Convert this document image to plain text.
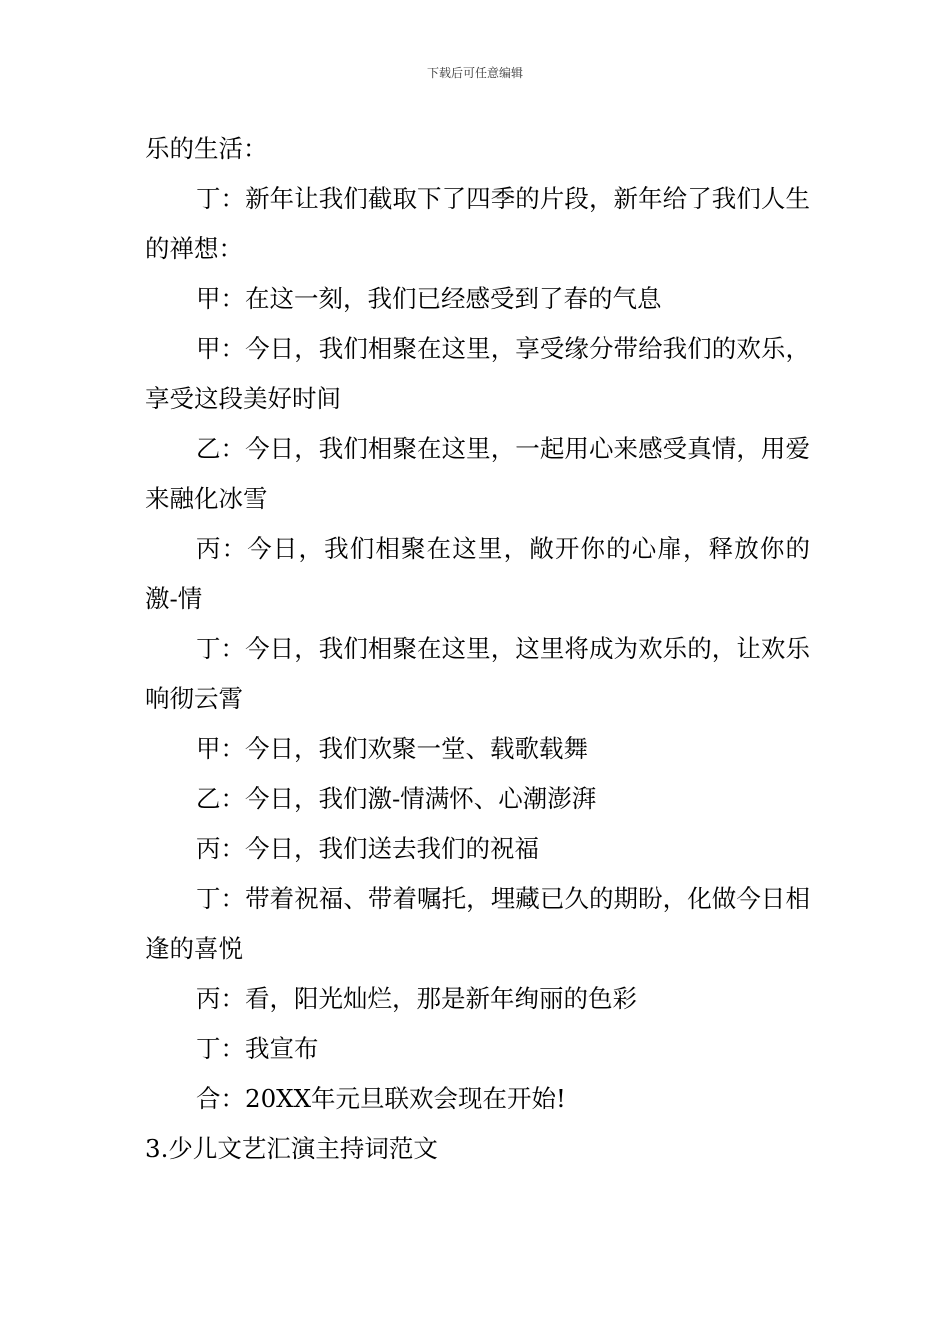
下载后可任意编辑

乐的生活：

丁：新年让我们截取下了四季的片段，新年给了我们人生的禅想：

甲：在这一刻，我们已经感受到了春的气息

甲：今日，我们相聚在这里，享受缘分带给我们的欢乐，享受这段美好时间

乙：今日，我们相聚在这里，一起用心来感受真情，用爱来融化冰雪

丙：今日，我们相聚在这里，敞开你的心扉，释放你的激-情

丁：今日，我们相聚在这里，这里将成为欢乐的，让欢乐响彻云霄

甲：今日，我们欢聚一堂、载歌载舞

乙：今日，我们激-情满怀、心潮澎湃

丙：今日，我们送去我们的祝福

丁：带着祝福、带着嘱托，埋藏已久的期盼，化做今日相逢的喜悦

丙：看，阳光灿烂，那是新年绚丽的色彩

丁：我宣布

合：20XX年元旦联欢会现在开始!

3.少儿文艺汇演主持词范文
